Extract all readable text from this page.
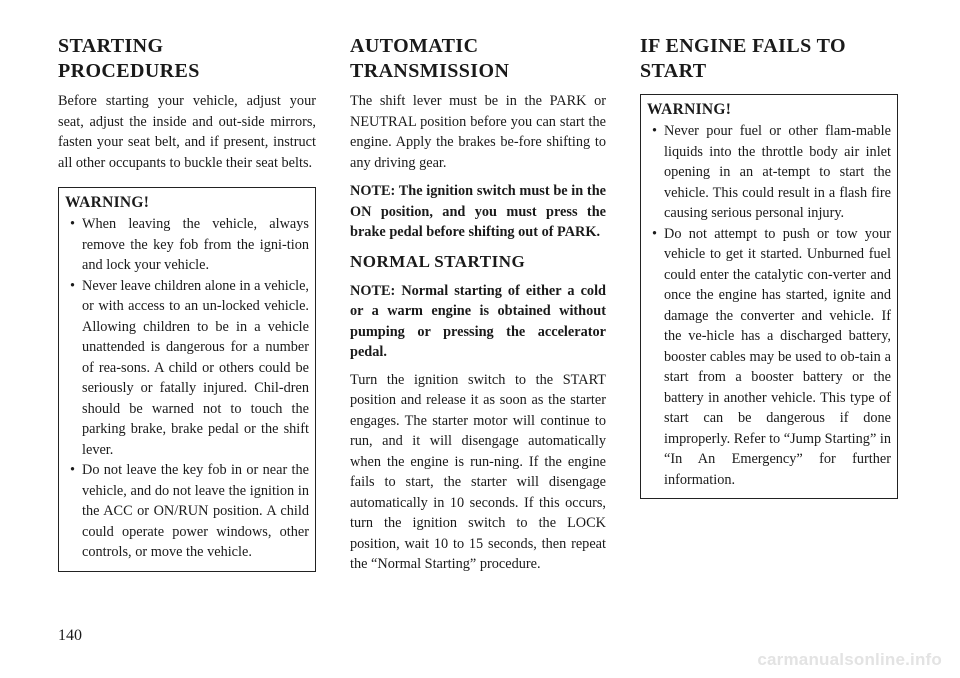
STARTING
PROCEDURES

Before starting your vehicle, adjust your seat, adjust the inside and out-side mirrors, fasten your seat belt, and if present, instruct all other occupants to buckle their seat belts.

WARNING!
• When leaving the vehicle, always remove the key fob from the igni-tion and lock your vehicle.
• Never leave children alone in a vehicle, or with access to an un-locked vehicle. Allowing children to be in a vehicle unattended is dangerous for a number of rea-sons. A child or others could be seriously or fatally injured. Chil-dren should be warned not to touch the parking brake, brake pedal or the shift lever.
• Do not leave the key fob in or near the vehicle, and do not leave the ignition in the ACC or ON/RUN position. A child could operate power windows, other controls, or move the vehicle.
AUTOMATIC
TRANSMISSION

The shift lever must be in the PARK or NEUTRAL position before you can start the engine. Apply the brakes be-fore shifting to any driving gear.

NOTE: The ignition switch must be in the ON position, and you must press the brake pedal before shifting out of PARK.

NORMAL STARTING

NOTE: Normal starting of either a cold or a warm engine is obtained without pumping or pressing the accelerator pedal.

Turn the ignition switch to the START position and release it as soon as the starter engages. The starter motor will continue to run, and it will disengage automatically when the engine is run-ning. If the engine fails to start, the starter will disengage automatically in 10 seconds. If this occurs, turn the ignition switch to the LOCK position, wait 10 to 15 seconds, then repeat the “Normal Starting” procedure.

IF ENGINE FAILS TO
START
WARNING!
• Never pour fuel or other flam-mable liquids into the throttle body air inlet opening in an at-tempt to start the vehicle. This could result in a flash fire causing serious personal injury.
• Do not attempt to push or tow your vehicle to get it started. Unburned fuel could enter the catalytic con-verter and once the engine has started, ignite and damage the converter and vehicle. If the ve-hicle has a discharged battery, booster cables may be used to ob-tain a start from a booster battery or the battery in another vehicle. This type of start can be dangerous if done improperly. Refer to “Jump Starting” in “In An Emergency” for further information.
140
carmanualsonline.info
